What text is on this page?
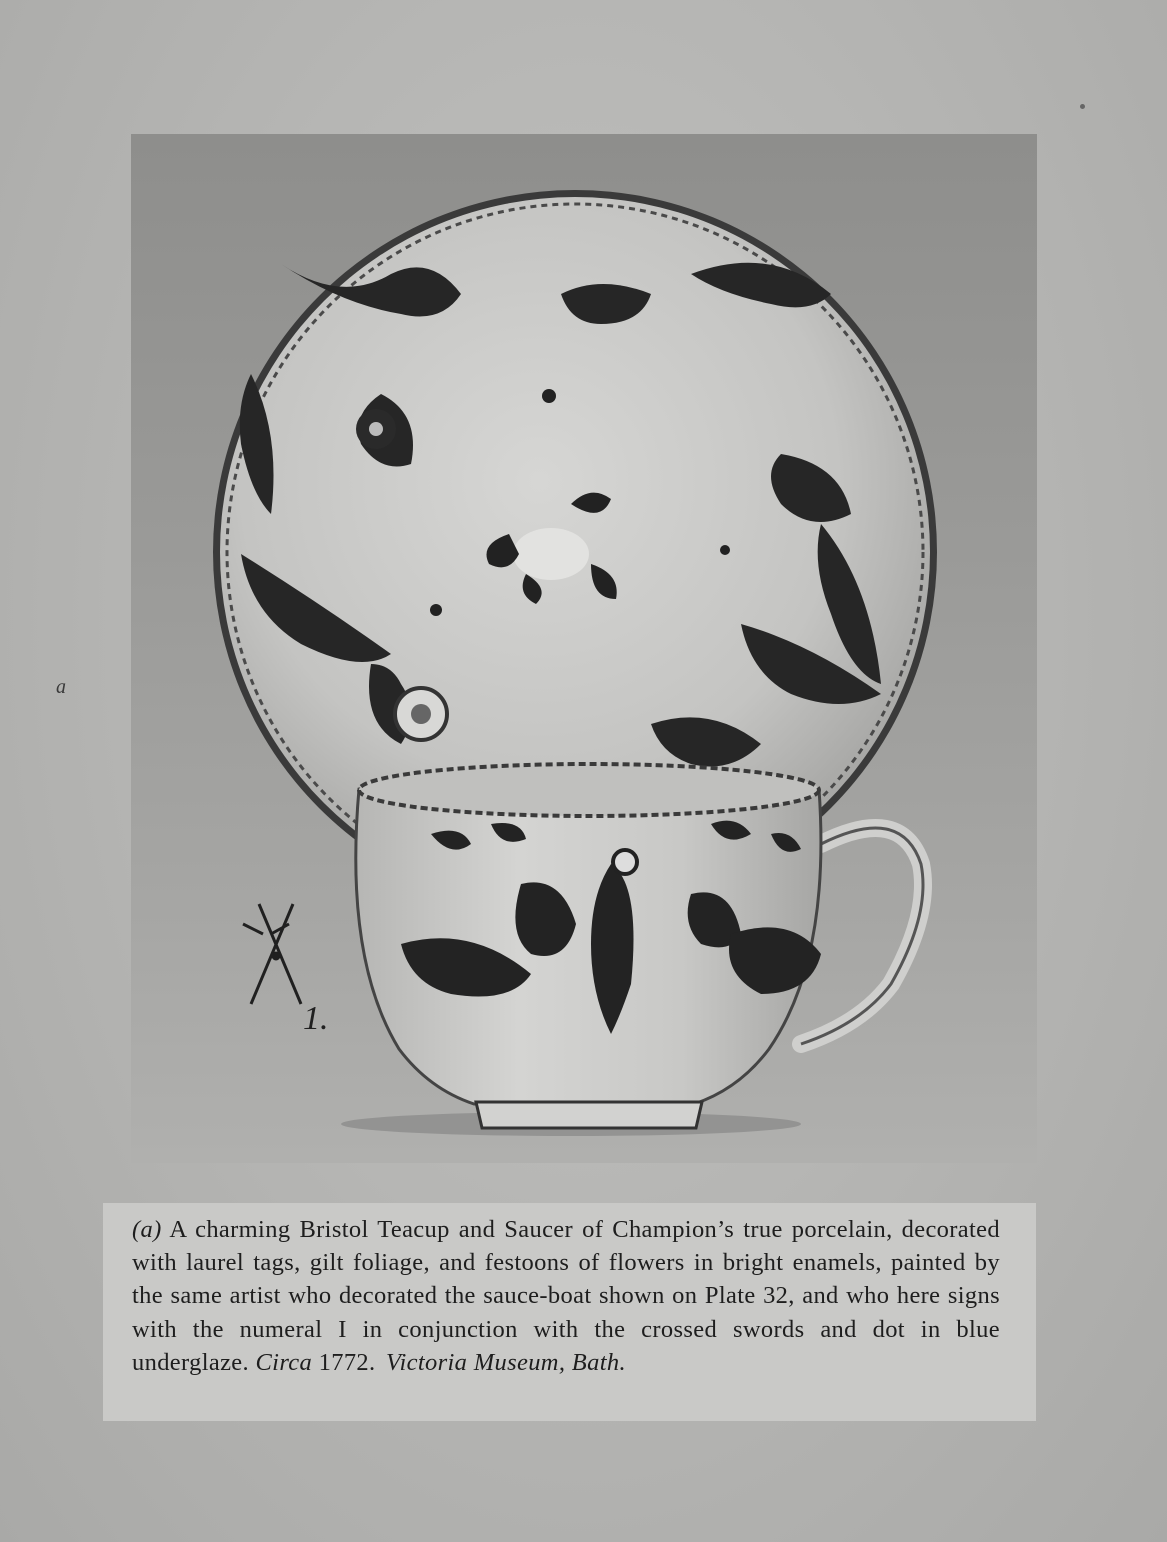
a
1.
(a) A charming Bristol Teacup and Saucer of Champion’s true porcelain, decorated with laurel tags, gilt foliage, and festoons of flowers in bright enamels, painted by the same artist who decorated the sauce-boat shown on Plate 32, and who here signs with the numeral I in conjunction with the crossed swords and dot in blue underglaze. Circa 1772. Victoria Museum, Bath.
